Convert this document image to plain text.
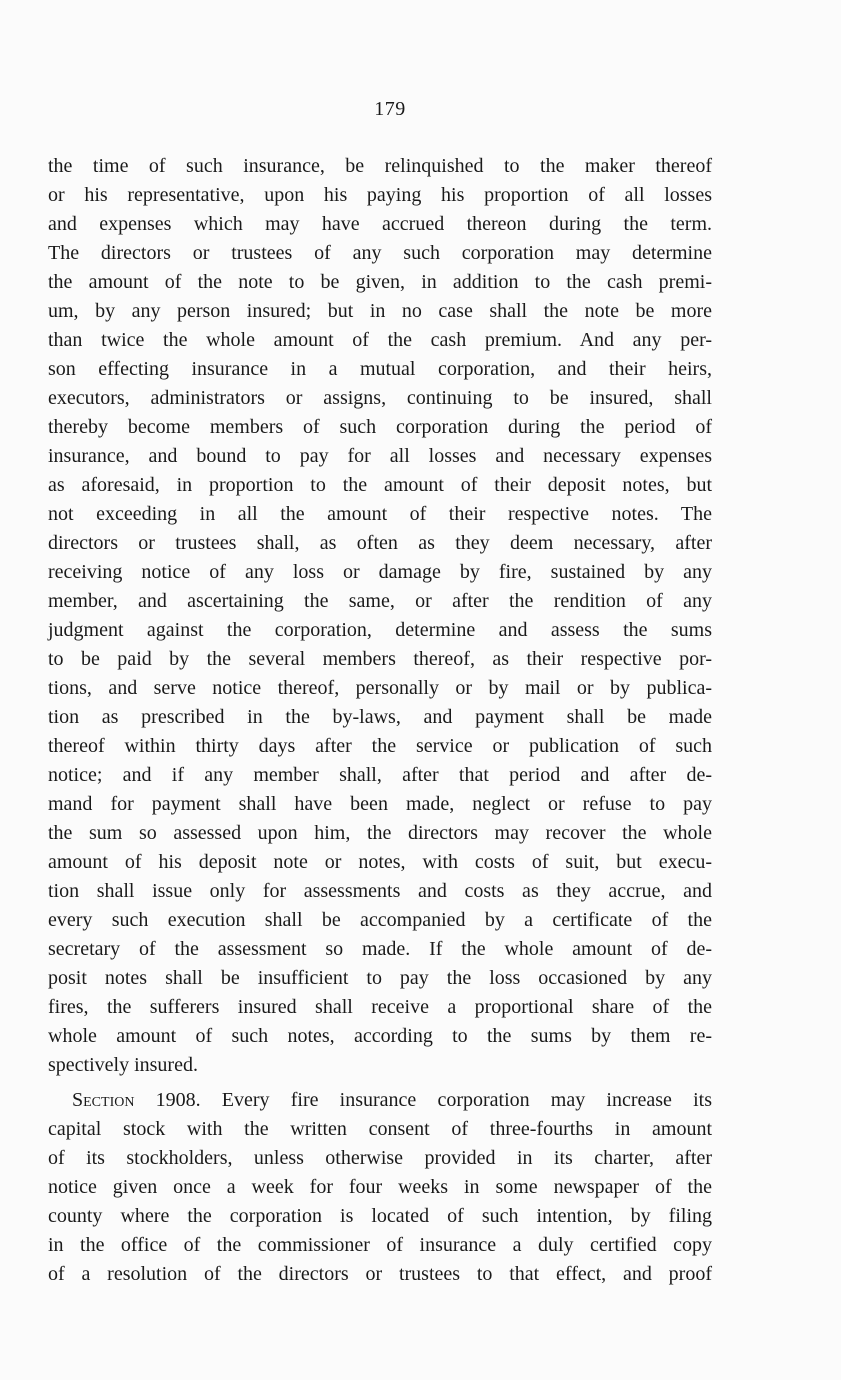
179
the time of such insurance, be relinquished to the maker thereof
or his representative, upon his paying his proportion of all losses
and expenses which may have accrued thereon during the term.
The directors or trustees of any such corporation may determine
the amount of the note to be given, in addition to the cash premi-
um, by any person insured; but in no case shall the note be more
than twice the whole amount of the cash premium. And any per-
son effecting insurance in a mutual corporation, and their heirs,
executors, administrators or assigns, continuing to be insured, shall
thereby become members of such corporation during the period of
insurance, and bound to pay for all losses and necessary expenses
as aforesaid, in proportion to the amount of their deposit notes, but
not exceeding in all the amount of their respective notes. The
directors or trustees shall, as often as they deem necessary, after
receiving notice of any loss or damage by fire, sustained by any
member, and ascertaining the same, or after the rendition of any
judgment against the corporation, determine and assess the sums
to be paid by the several members thereof, as their respective por-
tions, and serve notice thereof, personally or by mail or by publica-
tion as prescribed in the by-laws, and payment shall be made
thereof within thirty days after the service or publication of such
notice; and if any member shall, after that period and after de-
mand for payment shall have been made, neglect or refuse to pay
the sum so assessed upon him, the directors may recover the whole
amount of his deposit note or notes, with costs of suit, but execu-
tion shall issue only for assessments and costs as they accrue, and
every such execution shall be accompanied by a certificate of the
secretary of the assessment so made. If the whole amount of de-
posit notes shall be insufficient to pay the loss occasioned by any
fires, the sufferers insured shall receive a proportional share of the
whole amount of such notes, according to the sums by them re-
spectively insured.
Section 1908. Every fire insurance corporation may increase its
capital stock with the written consent of three-fourths in amount
of its stockholders, unless otherwise provided in its charter, after
notice given once a week for four weeks in some newspaper of the
county where the corporation is located of such intention, by filing
in the office of the commissioner of insurance a duly certified copy
of a resolution of the directors or trustees to that effect, and proof
